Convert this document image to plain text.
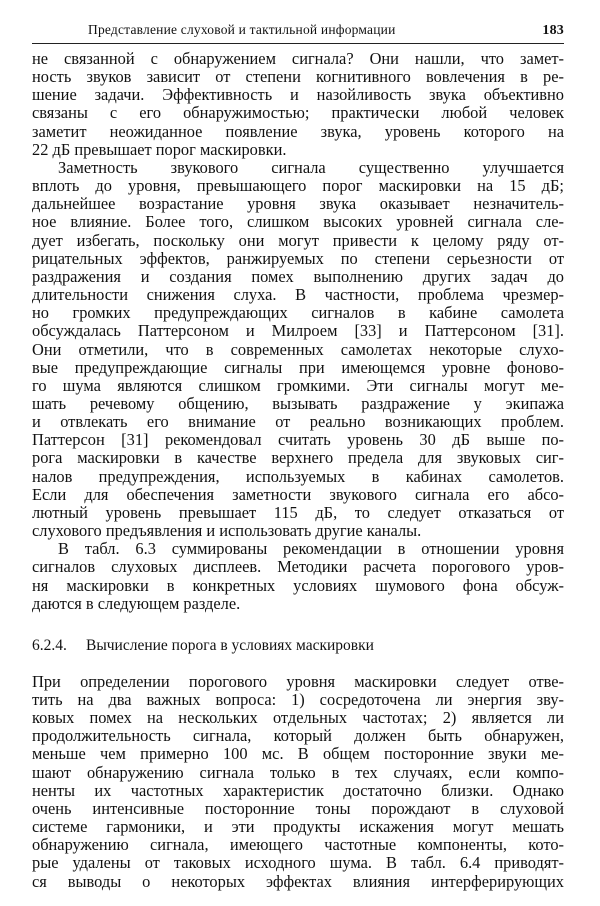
Представление слуховой и тактильной информации	183

не связанной с обнаружением сигнала? Они нашли, что замет-

ность звуков зависит от степени когнитивного вовлечения в ре-

шение задачи. Эффективность и назойливость звука объективно

связаны с его обнаружимостью; практически любой человек

заметит неожиданное появление звука, уровень которого на

22 дБ превышает порог маскировки.

Заметность звукового сигнала существенно улучшается

вплоть до уровня, превышающего порог маскировки на 15 дБ;

дальнейшее возрастание уровня звука оказывает незначитель-

ное влияние. Более того, слишком высоких уровней сигнала сле-

дует избегать, поскольку они могут привести к целому ряду от-

рицательных эффектов, ранжируемых по степени серьезности от

раздражения и создания помех выполнению других задач до

длительности снижения слуха. В частности, проблема чрезмер-

но громких предупреждающих сигналов в кабине самолета

обсуждалась Паттерсоном и Милроем [33] и Паттерсоном [31].

Они отметили, что в современных самолетах некоторые слухо-

вые предупреждающие сигналы при имеющемся уровне фоново-

го шума являются слишком громкими. Эти сигналы могут ме-

шать речевому общению, вызывать раздражение у экипажа

и отвлекать его внимание от реально возникающих проблем.

Паттерсон [31] рекомендовал считать уровень 30 дБ выше по-

рога маскировки в качестве верхнего предела для звуковых сиг-

налов предупреждения, используемых в кабинах самолетов.

Если для обеспечения заметности звукового сигнала его абсо-

лютный уровень превышает 115 дБ, то следует отказаться от

слухового предъявления и использовать другие каналы.

В табл. 6.3 суммированы рекомендации в отношении уровня

сигналов слуховых дисплеев. Методики расчета порогового уров-

ня маскировки в конкретных условиях шумового фона обсуж-

даются в следующем разделе.

6.2.4. Вычисление порога в условиях маскировки

При определении порогового уровня маскировки следует отве-

тить на два важных вопроса: 1) сосредоточена ли энергия зву-

ковых помех на нескольких отдельных частотах; 2) является ли

продолжительность сигнала, который должен быть обнаружен,

меньше чем примерно 100 мс. В общем посторонние звуки ме-

шают обнаружению сигнала только в тех случаях, если компо-

ненты их частотных характеристик достаточно близки. Однако

очень интенсивные посторонние тоны порождают в слуховой

системе гармоники, и эти продукты искажения могут мешать

обнаружению сигнала, имеющего частотные компоненты, кото-

рые удалены от таковых исходного шума. В табл. 6.4 приводят-

ся выводы о некоторых эффектах влияния интерферирующих
